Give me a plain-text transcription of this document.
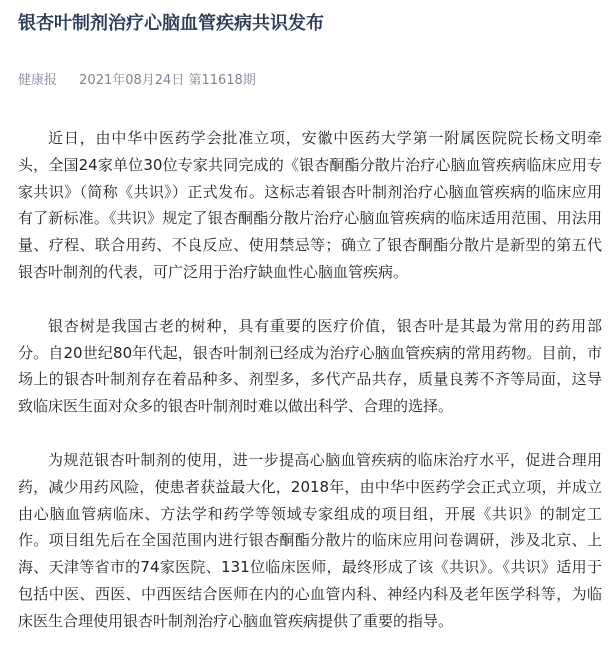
银杏叶制剂治疗心脑血管疾病共识发布
健康报 2021年08月24日 第11618期

近日，由中华中医药学会批准立项，安徽中医药大学第一附属医院院长杨文明牵头，全国24家单位30位专家共同完成的《银杏酮酯分散片治疗心脑血管疾病临床应用专家共识》（简称《共识》）正式发布。这标志着银杏叶制剂治疗心脑血管疾病的临床应用有了新标准。《共识》规定了银杏酮酯分散片治疗心脑血管疾病的临床适用范围、用法用量、疗程、联合用药、不良反应、使用禁忌等；确立了银杏酮酯分散片是新型的第五代银杏叶制剂的代表，可广泛用于治疗缺血性心脑血管疾病。

银杏树是我国古老的树种，具有重要的医疗价值，银杏叶是其最为常用的药用部分。自20世纪80年代起，银杏叶制剂已经成为治疗心脑血管疾病的常用药物。目前，市场上的银杏叶制剂存在着品种多、剂型多，多代产品共存，质量良莠不齐等局面，这导致临床医生面对众多的银杏叶制剂时难以做出科学、合理的选择。

为规范银杏叶制剂的使用，进一步提高心脑血管疾病的临床治疗水平，促进合理用药，减少用药风险，使患者获益最大化，2018年，由中华中医药学会正式立项，并成立由心脑血管病临床、方法学和药学等领域专家组成的项目组，开展《共识》的制定工作。项目组先后在全国范围内进行银杏酮酯分散片的临床应用问卷调研，涉及北京、上海、天津等省市的74家医院、131位临床医师，最终形成了该《共识》。《共识》适用于包括中医、西医、中西医结合医师在内的心血管内科、神经内科及老年医学科等，为临床医生合理使用银杏叶制剂治疗心脑血管疾病提供了重要的指导。
